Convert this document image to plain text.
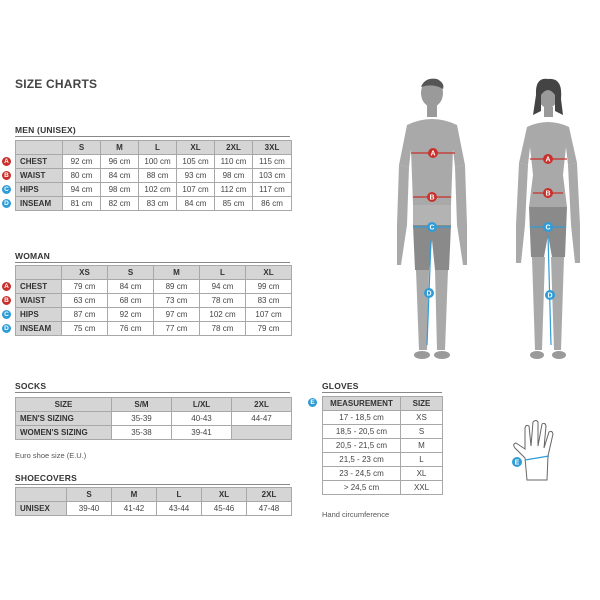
SIZE CHARTS
MEN (UNISEX)
	S	M	L	XL	2XL	3XL
CHEST	92 cm	96 cm	100 cm	105 cm	110 cm	115 cm
WAIST	80 cm	84 cm	88 cm	93 cm	98 cm	103 cm
HIPS	94 cm	98 cm	102 cm	107 cm	112 cm	117 cm
INSEAM	81 cm	82 cm	83 cm	84 cm	85 cm	86 cm
A
B
C
D
WOMAN
	XS	S	M	L	XL
CHEST	79 cm	84 cm	89 cm	94 cm	99 cm
WAIST	63 cm	68 cm	73 cm	78 cm	83 cm
HIPS	87 cm	92 cm	97 cm	102 cm	107 cm
INSEAM	75 cm	76 cm	77 cm	78 cm	79 cm
A
B
C
D
SOCKS
SIZE	S/M	L/XL	2XL
MEN'S SIZING	35-39	40-43	44-47
WOMEN'S SIZING	35-38	39-41	
Euro shoe size (E.U.)
SHOECOVERS
	S	M	L	XL	2XL
UNISEX	39-40	41-42	43-44	45-46	47-48
GLOVES
E MEASUREMENT	SIZE
17 - 18,5 cm	XS
18,5 - 20,5 cm	S
20,5 - 21,5 cm	M
21,5 - 23 cm	L
23 - 24,5 cm	XL
> 24,5 cm	XXL
Hand circumference
A
B
C
D
A
B
C
D
E
